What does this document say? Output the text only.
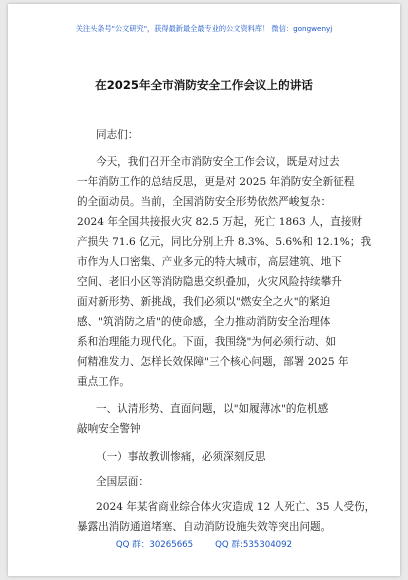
关注头条号"公文研究"，获得最新最全最专业的公文资料库！ 微信：gongwenyj
在2025年全市消防安全工作会议上的讲话
同志们：
今天，我们召开全市消防安全工作会议，既是对过去
一年消防工作的总结反思，更是对 2025 年消防安全新征程
的全面动员。当前，全国消防安全形势依然严峻复杂：
2024 年全国共接报火灾 82.5 万起，死亡 1863 人，直接财
产损失 71.6 亿元，同比分别上升 8.3%、5.6%和 12.1%；我
市作为人口密集、产业多元的特大城市，高层建筑、地下
空间、老旧小区等消防隐患交织叠加，火灾风险持续攀升
面对新形势、新挑战，我们必须以"燃安全之火"的紧迫
感、"筑消防之盾"的使命感，全力推动消防安全治理体
系和治理能力现代化。下面，我围绕"为何必须行动、如
何精准发力、怎样长效保障"三个核心问题，部署 2025 年
重点工作。
一、认清形势、直面问题，以"如履薄冰"的危机感
敲响安全警钟
（一）事故教训惨痛，必须深刻反思
全国层面：
2024 年某省商业综合体火灾造成 12 人死亡、35 人受伤，
暴露出消防通道堵塞、自动消防设施失效等突出问题。
QQ 群：30265665	QQ 群:535304092
